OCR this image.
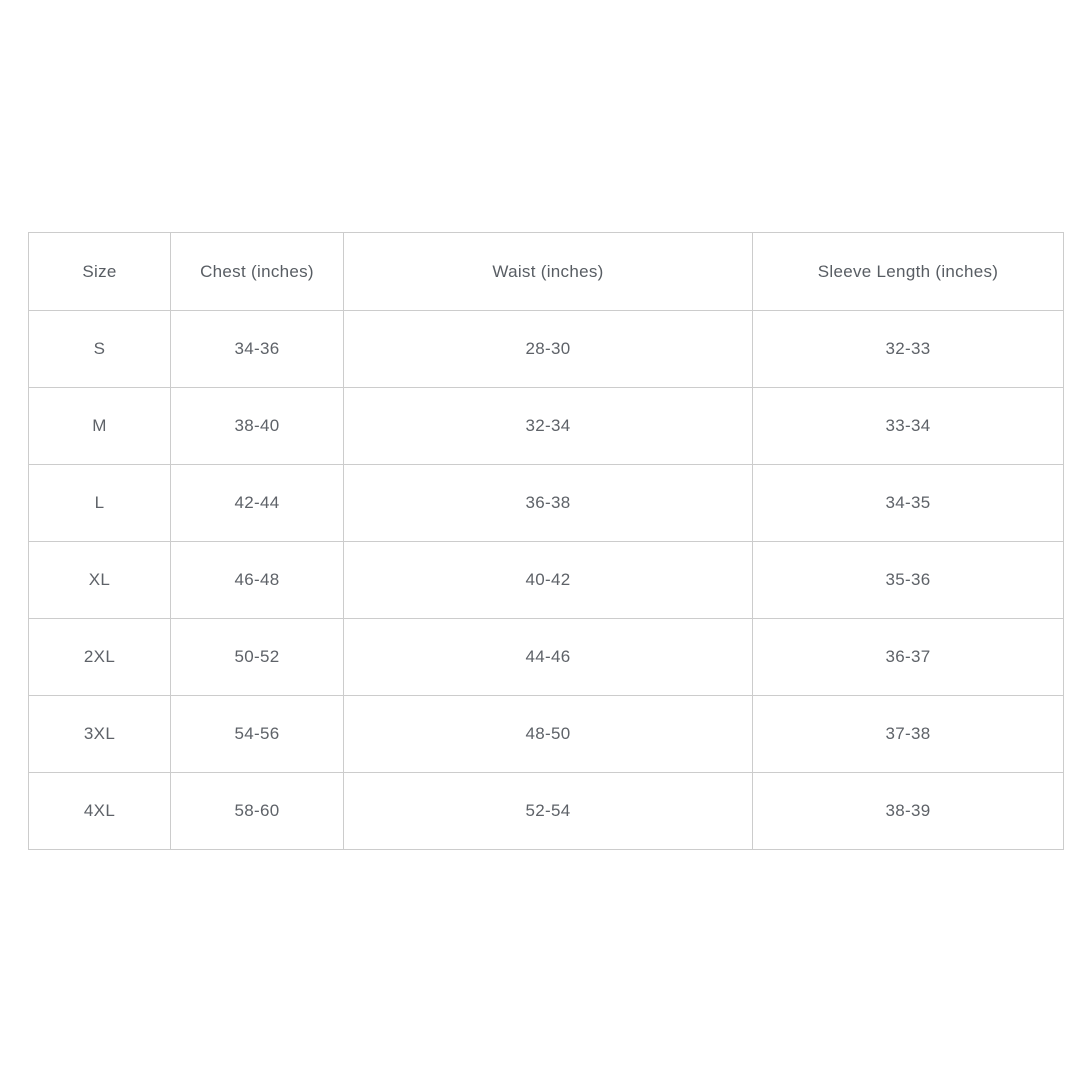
Size	Chest (inches)	Waist (inches)	Sleeve Length (inches)
S	34-36	28-30	32-33
M	38-40	32-34	33-34
L	42-44	36-38	34-35
XL	46-48	40-42	35-36
2XL	50-52	44-46	36-37
3XL	54-56	48-50	37-38
4XL	58-60	52-54	38-39
